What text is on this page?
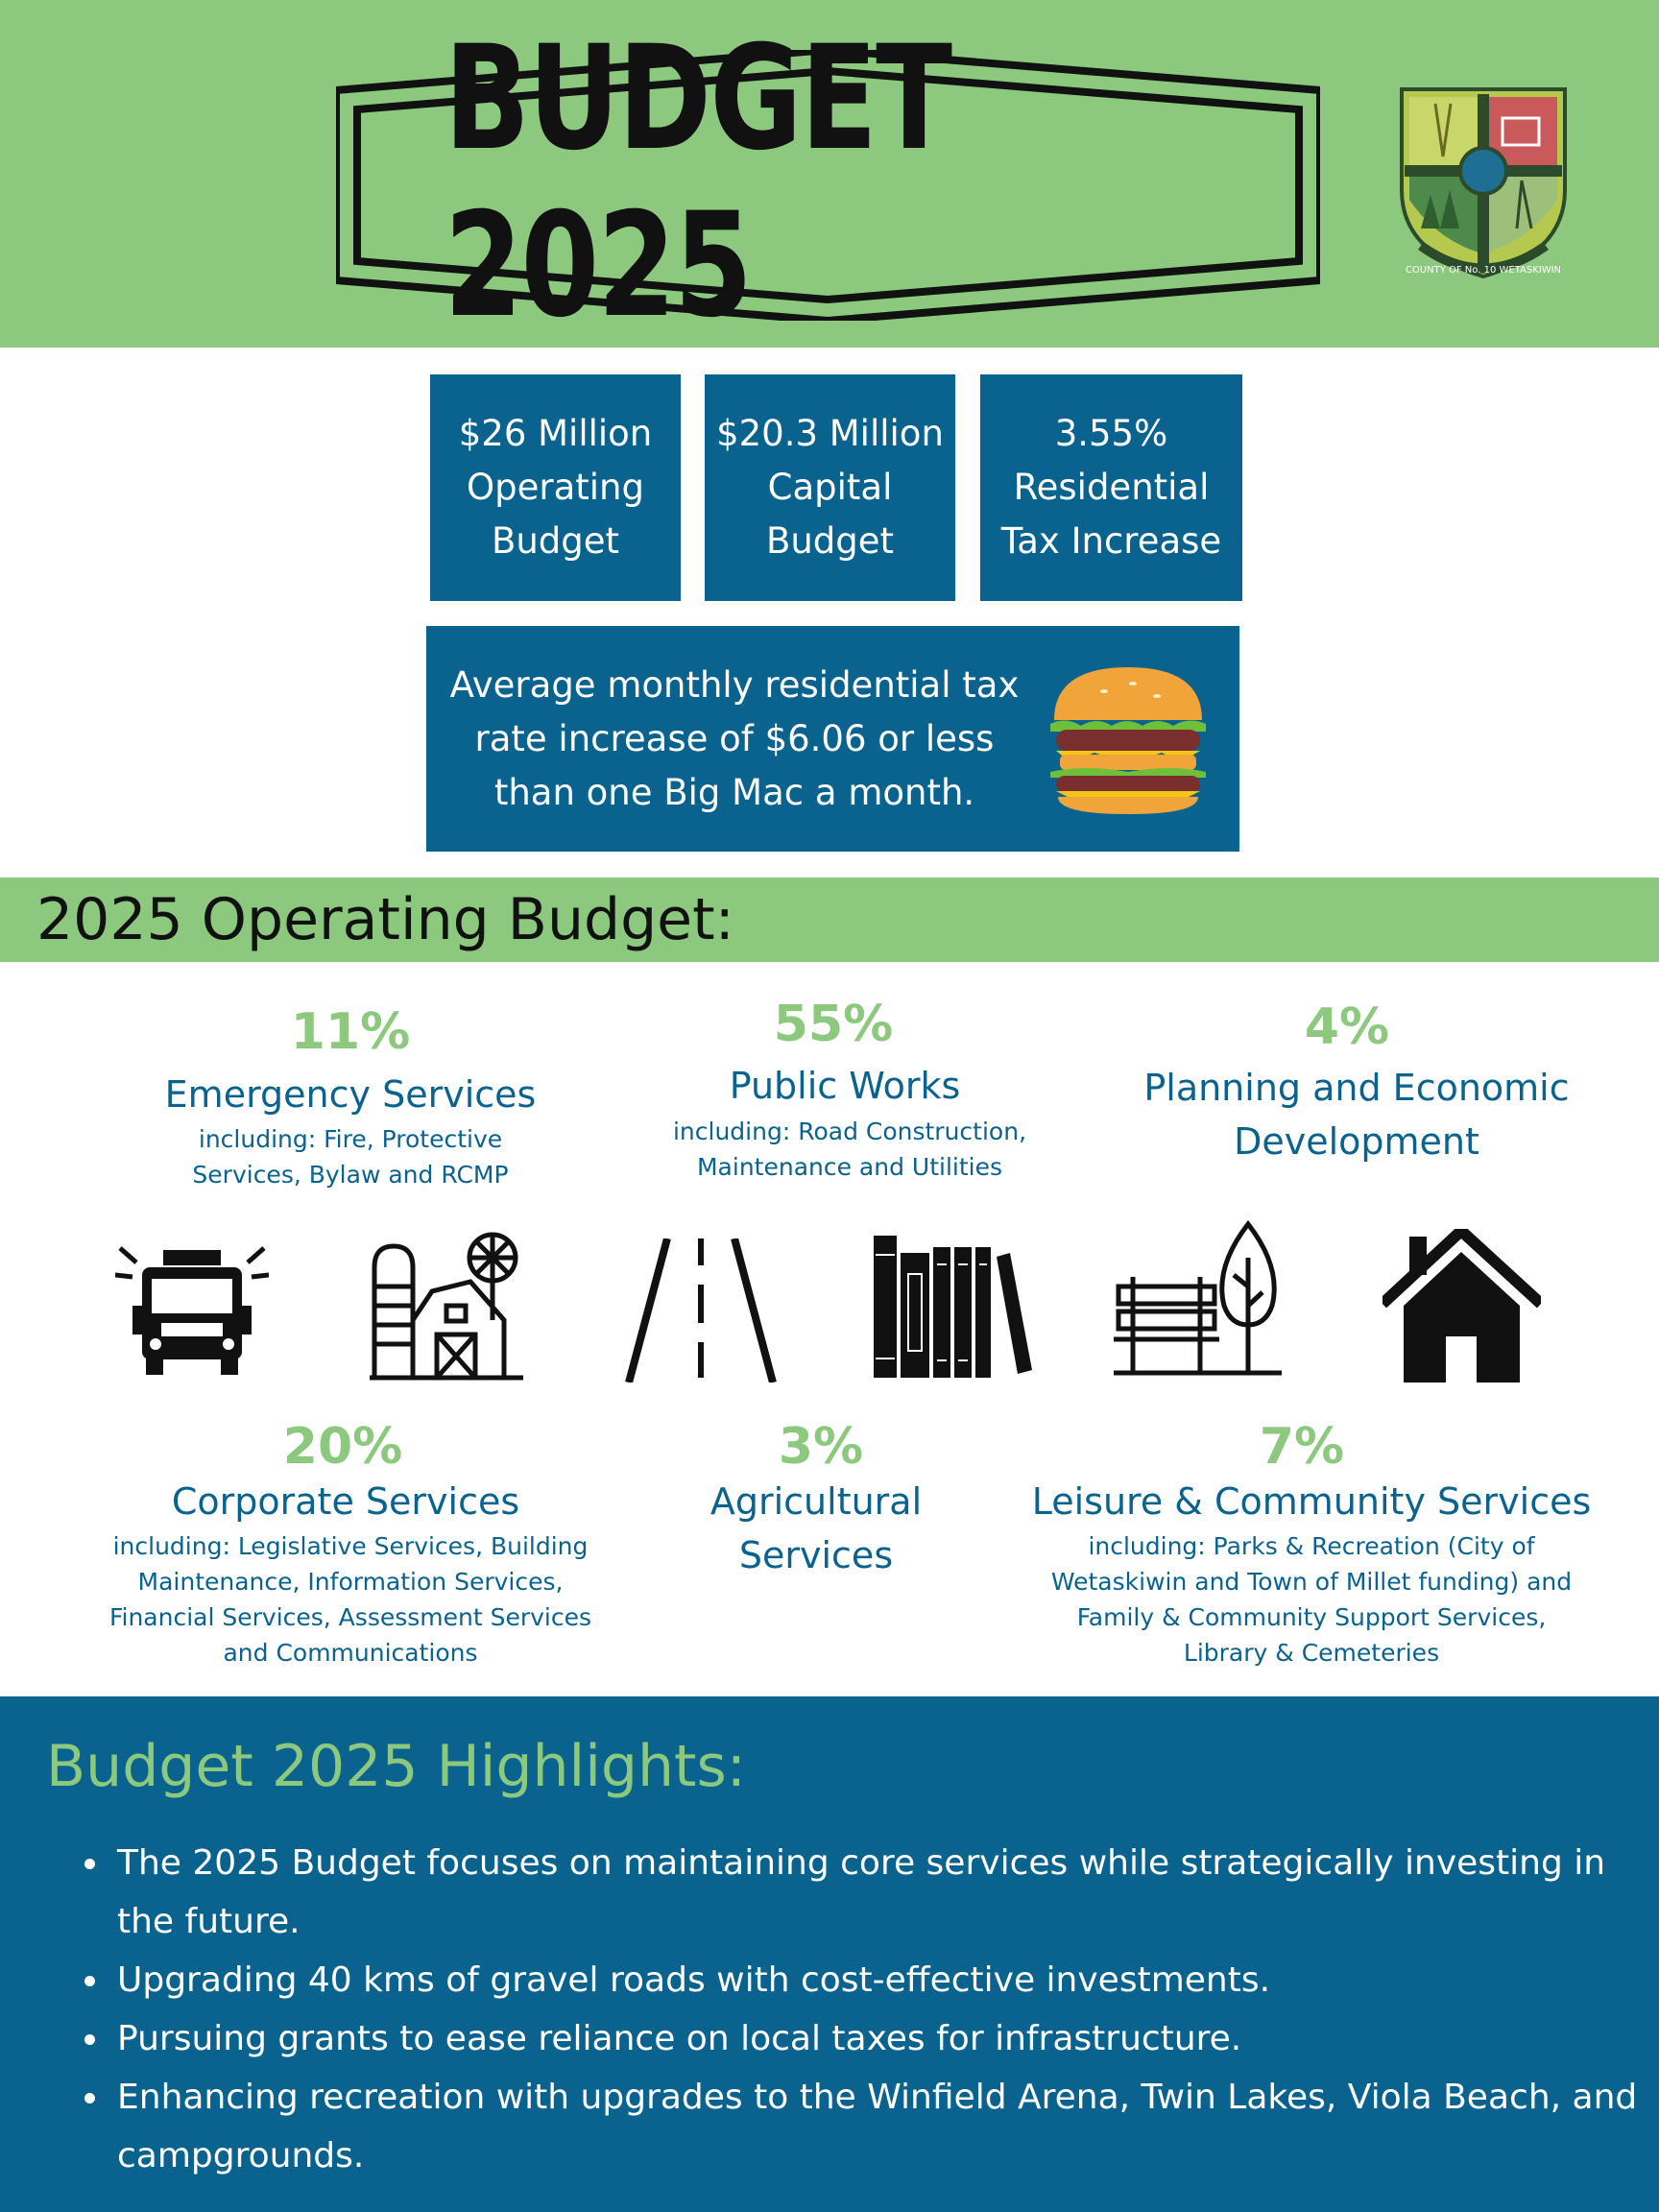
BUDGET 2025	COUNTY OF No. 10 WETASKIWIN
$26 Million
Operating
Budget
$20.3 Million
Capital
Budget
3.55%
Residential
Tax Increase
Average monthly residential tax rate increase of $6.06 or less than one Big Mac a month.
2025 Operating Budget:
11%
Emergency Services
including: Fire, Protective Services, Bylaw and RCMP
55%
Public Works
including: Road Construction, Maintenance and Utilities
4%
Planning and Economic Development
20%
Corporate Services
including: Legislative Services, Building Maintenance, Information Services, Financial Services, Assessment Services and Communications
3%
Agricultural Services
7%
Leisure & Community Services
including: Parks & Recreation (City of Wetaskiwin and Town of Millet funding) and Family & Community Support Services, Library & Cemeteries
Budget 2025 Highlights:
• The 2025 Budget focuses on maintaining core services while strategically investing in the future.
• Upgrading 40 kms of gravel roads with cost-effective investments.
• Pursuing grants to ease reliance on local taxes for infrastructure.
• Enhancing recreation with upgrades to the Winfield Arena, Twin Lakes, Viola Beach, and campgrounds.
